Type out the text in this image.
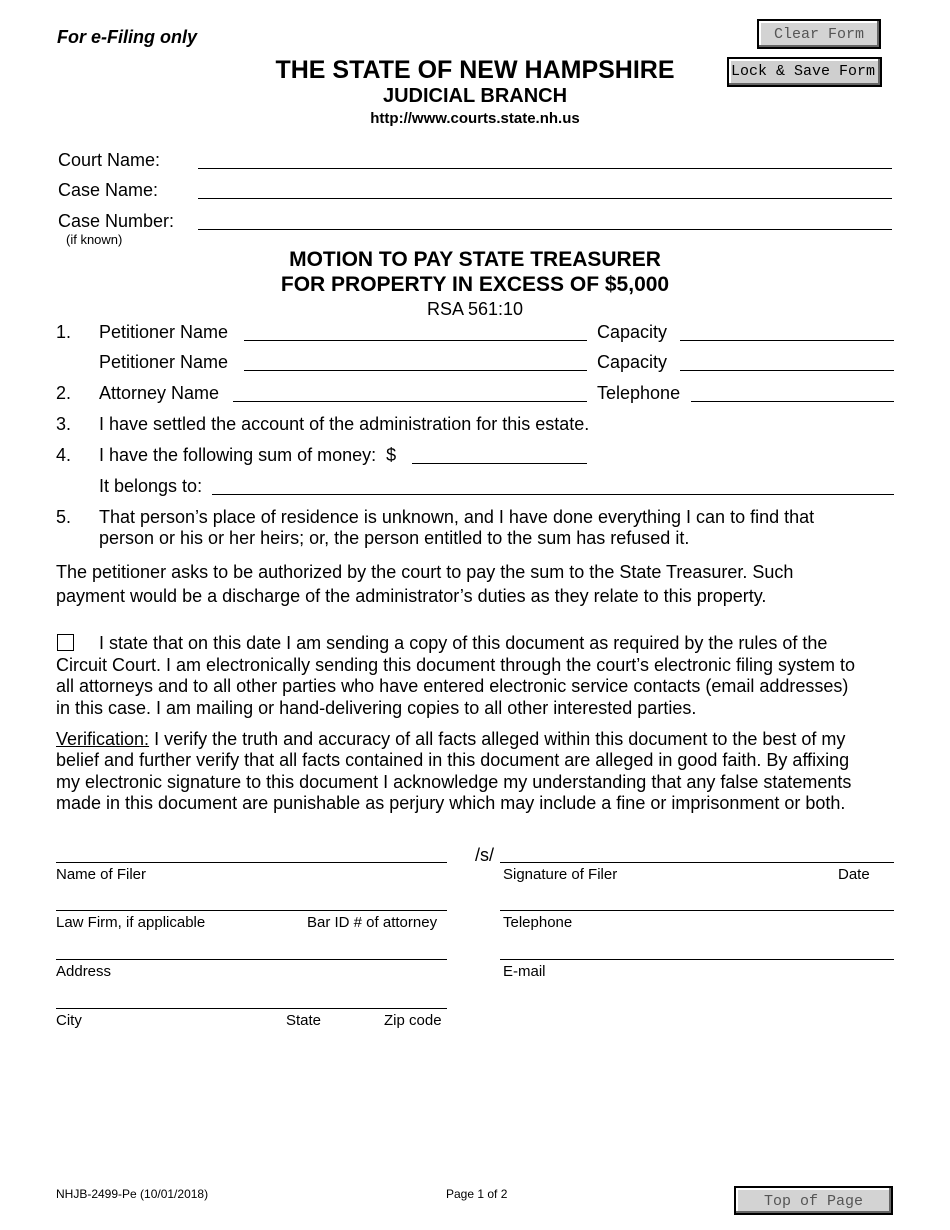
For e-Filing only
THE STATE OF NEW HAMPSHIRE
JUDICIAL BRANCH
http://www.courts.state.nh.us
Clear Form
Lock & Save Form
Court Name:
Case Name:
Case Number:
(if known)
MOTION TO PAY STATE TREASURER
FOR PROPERTY IN EXCESS OF $5,000
RSA 561:10
1. Petitioner Name	Capacity
Petitioner Name	Capacity
2. Attorney Name	Telephone
3. I have settled the account of the administration for this estate.
4. I have the following sum of money:  $
It belongs to:
5. That person’s place of residence is unknown, and I have done everything I can to find that
person or his or her heirs; or, the person entitled to the sum has refused it.
The petitioner asks to be authorized by the court to pay the sum to the State Treasurer. Such
payment would be a discharge of the administrator’s duties as they relate to this property.
I state that on this date I am sending a copy of this document as required by the rules of the
Circuit Court. I am electronically sending this document through the court’s electronic filing system to
all attorneys and to all other parties who have entered electronic service contacts (email addresses)
in this case. I am mailing or hand-delivering copies to all other interested parties.
Verification: I verify the truth and accuracy of all facts alleged within this document to the best of my
belief and further verify that all facts contained in this document are alleged in good faith. By affixing
my electronic signature to this document I acknowledge my understanding that any false statements
made in this document are punishable as perjury which may include a fine or imprisonment or both.
Name of Filer
/s/
Signature of Filer	Date
Law Firm, if applicable	Bar ID # of attorney	Telephone
Address	E-mail
City	State	Zip code
NHJB-2499-Pe (10/01/2018)	Page 1 of 2	Top of Page
